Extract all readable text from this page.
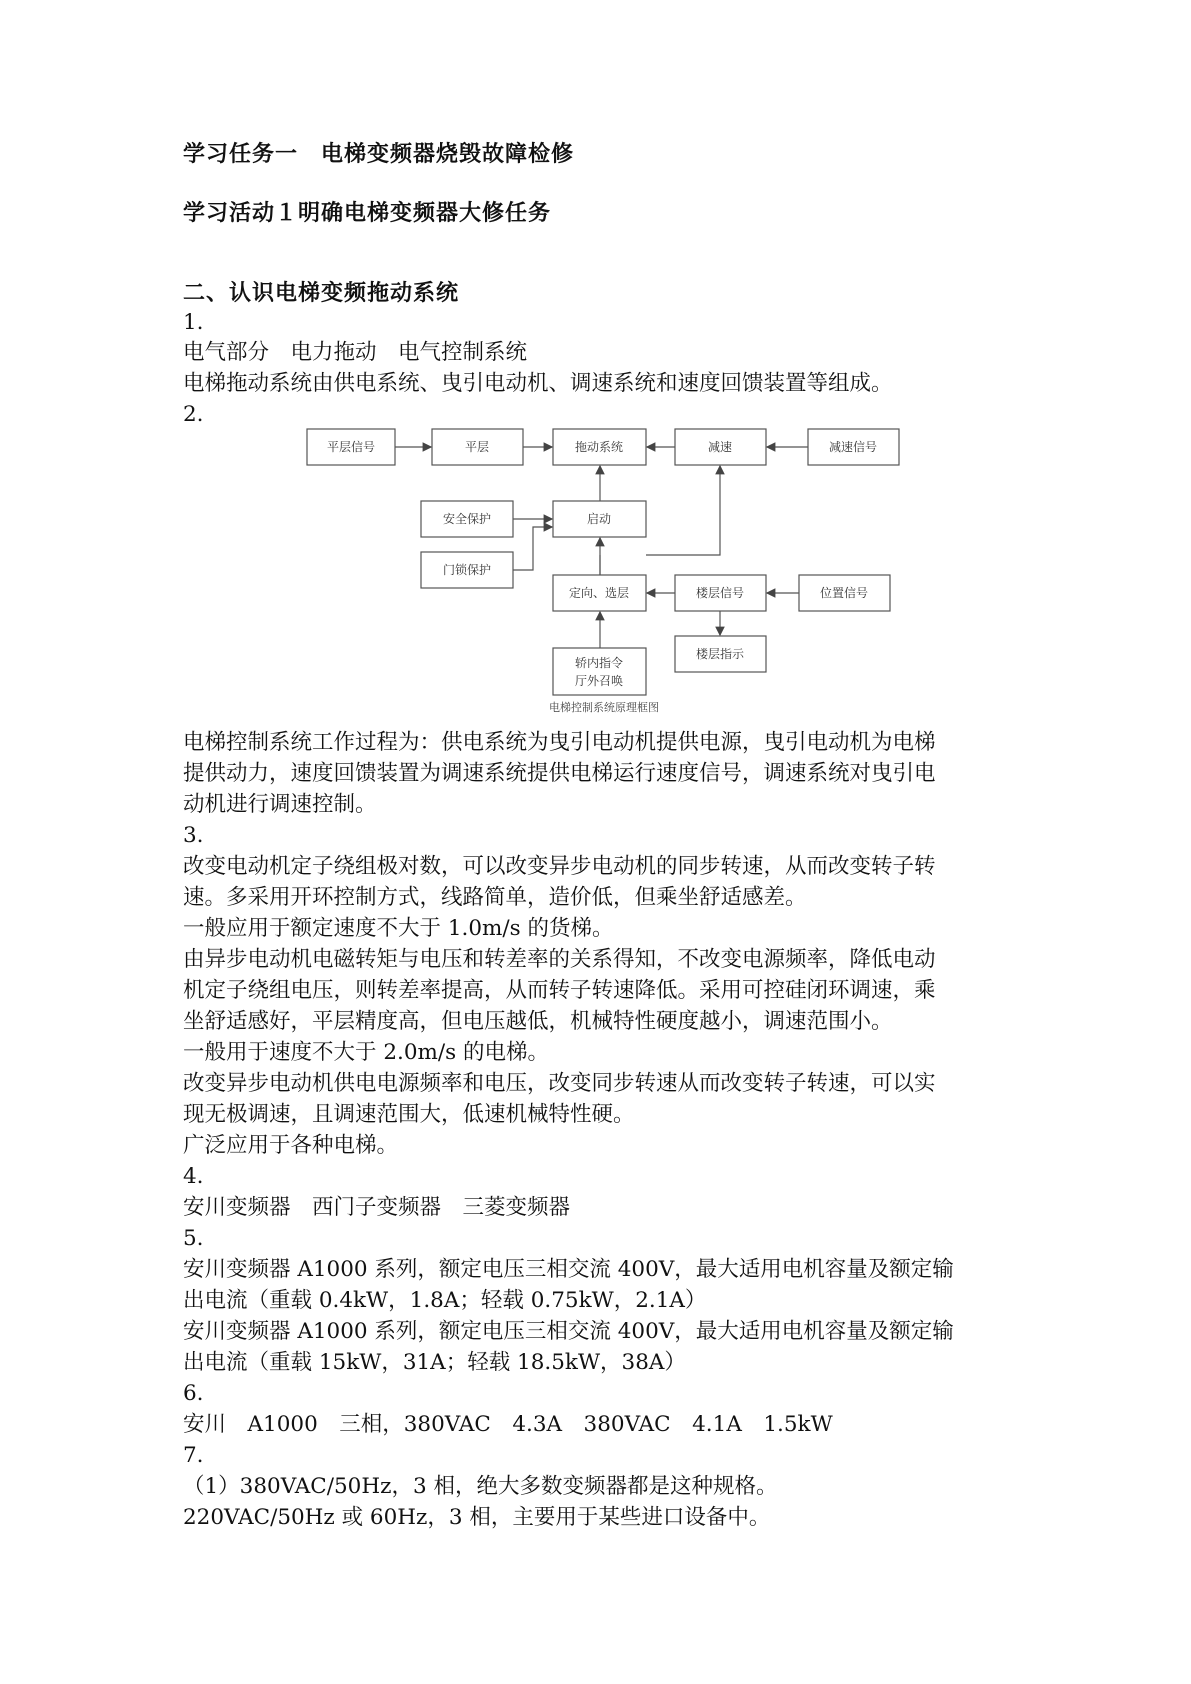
学习任务一　电梯变频器烧毁故障检修
学习活动１明确电梯变频器大修任务
二、认识电梯变频拖动系统
1.
电气部分　电力拖动　电气控制系统
电梯拖动系统由供电系统、曳引电动机、调速系统和速度回馈装置等组成。
2.
平层信号	平层	拖动系统	减速	减速信号
安全保护	启动
门锁保护
定向、选层	楼层信号	位置信号
楼层指示
轿内指令
厅外召唤
电梯控制系统原理框图
电梯控制系统工作过程为：供电系统为曳引电动机提供电源，曳引电动机为电梯
提供动力，速度回馈装置为调速系统提供电梯运行速度信号，调速系统对曳引电
动机进行调速控制。
3.
改变电动机定子绕组极对数，可以改变异步电动机的同步转速，从而改变转子转
速。多采用开环控制方式，线路简单，造价低，但乘坐舒适感差。
一般应用于额定速度不大于 1.0m/s 的货梯。
由异步电动机电磁转矩与电压和转差率的关系得知，不改变电源频率，降低电动
机定子绕组电压，则转差率提高，从而转子转速降低。采用可控硅闭环调速，乘
坐舒适感好，平层精度高，但电压越低，机械特性硬度越小，调速范围小。
一般用于速度不大于 2.0m/s 的电梯。
改变异步电动机供电电源频率和电压，改变同步转速从而改变转子转速，可以实
现无极调速，且调速范围大，低速机械特性硬。
广泛应用于各种电梯。
4.
安川变频器　西门子变频器　三菱变频器
5.
安川变频器 A1000 系列，额定电压三相交流 400V，最大适用电机容量及额定输
出电流（重载 0.4kW，1.8A；轻载 0.75kW，2.1A）
安川变频器 A1000 系列，额定电压三相交流 400V，最大适用电机容量及额定输
出电流（重载 15kW，31A；轻载 18.5kW，38A）
6.
安川　A1000　三相，380VAC　4.3A　380VAC　4.1A　1.5kW
7.
（1）380VAC/50Hz，3 相，绝大多数变频器都是这种规格。
220VAC/50Hz 或 60Hz，3 相，主要用于某些进口设备中。
